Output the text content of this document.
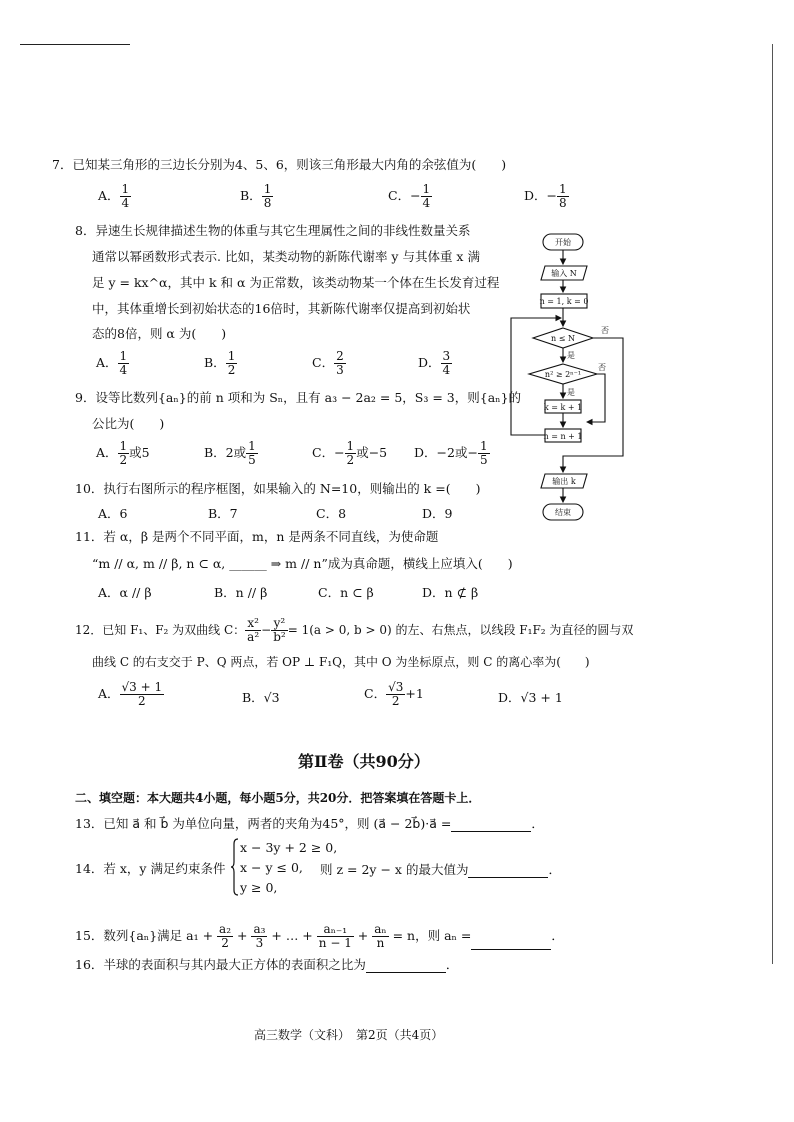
7．已知某三角形的三边长分别为4、5、6，则该三角形最大内角的余弦值为(　　)
A． $\frac{1}{4}$	B． $\frac{1}{8}$	C．− $\frac{1}{4}$	D．− $\frac{1}{8}$
8．异速生长规律描述生物的体重与其它生理属性之间的非线性数量关系
通常以幂函数形式表示. 比如，某类动物的新陈代谢率 y 与其体重 x 满
足 y = kx^α，其中 k 和 α 为正常数，该类动物某一个体在生长发育过程
中，其体重增长到初始状态的16倍时，其新陈代谢率仅提高到初始状
态的8倍，则 α 为(　　)
A． $\frac{1}{4}$	B． $\frac{1}{2}$	C． $\frac{2}{3}$	D． $\frac{3}{4}$
9．设等比数列{aₙ}的前 n 项和为 Sₙ，且有 a₃ − 2a₂ = 5，S₃ = 3，则{aₙ}的
公比为(　　)
A． $\frac{1}{2}$ 或5	B．2或 $\frac{1}{5}$	C．− $\frac{1}{2}$ 或−5 D．−2或− $\frac{1}{5}$
10．执行右图所示的程序框图，如果输入的 N=10，则输出的 k =(　　)
A．6	B．7	C．8	D．9
11．若 α，β 是两个不同平面，m，n 是两条不同直线，为使命题
“m // α, m // β, n ⊂ α, ______ ⇒ m // n”成为真命题，横线上应填入(　　)
A．α // β	B．n // β	C．n ⊂ β	D．n ⊄ β
12．已知 F₁、F₂ 为双曲线 C： $\frac{\text{x²}}{\text{a²}} - \frac{\text{y²}}{\text{b²}} = 1(a > 0$, b > 0) 的左、右焦点，以线段 F₁F₂ 为直径的圆与双
曲线 C 的右支交于 P、Q 两点，若 OP ⊥ F₁Q，其中 O 为坐标原点，则 C 的离心率为(　　)
A． $\frac{√3 + 1}{2}$	B．√3	C． $\frac{√3}{2} +1$	D．√3 + 1
第Ⅱ卷（共90分）
二、填空题：本大题共4小题，每小题5分，共20分．把答案填在答题卡上．
13．已知 a⃗ 和 b⃗ 为单位向量，两者的夹角为45°，则 (a⃗ − 2b⃗)·a⃗ =	．
14．若 x，y 满足约束条件
x − 3y + 2 ≥ 0,
x − y ≤ 0,
y ≥ 0,
则 z = 2y − x 的最大值为	．
15．数列{aₙ}满足 $a_1 + \frac{\text{a₂}}{2} + \frac{\text{a₃}}{3}$ + … + $\frac{\text{aₙ₋₁}}{n - 1} + \frac{\text{aₙ}}{n} = n$，则 aₙ =	．
16．半球的表面积与其内最大正方体的表面积之比为	．
高三数学（文科）　第2页（共4页）
开始
输入 N
n = 1, k = 0
n ≤ N
是
否
n² ≥ 2ⁿ⁻¹
是
否
k = k + 1
n = n + 1
输出 k
结束
